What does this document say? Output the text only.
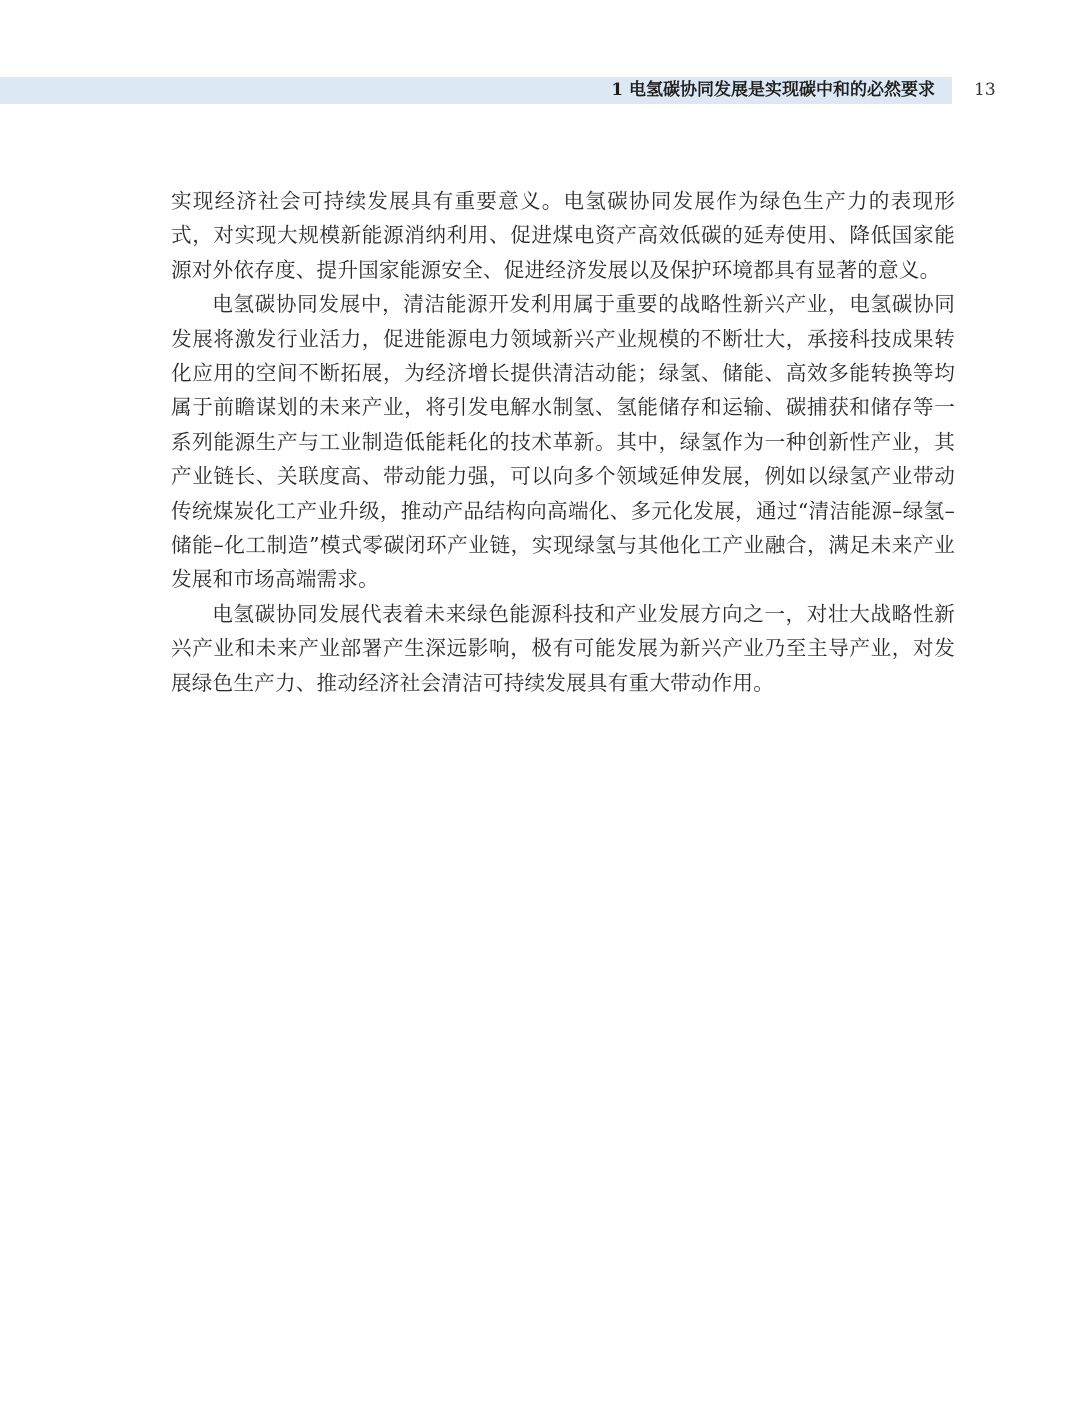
1 电氢碳协同发展是实现碳中和的必然要求 13

实现经济社会可持续发展具有重要意义。电氢碳协同发展作为绿色生产力的表现形式，对实现大规模新能源消纳利用、促进煤电资产高效低碳的延寿使用、降低国家能源对外依存度、提升国家能源安全、促进经济发展以及保护环境都具有显著的意义。

电氢碳协同发展中，清洁能源开发利用属于重要的战略性新兴产业，电氢碳协同发展将激发行业活力，促进能源电力领域新兴产业规模的不断壮大，承接科技成果转化应用的空间不断拓展，为经济增长提供清洁动能；绿氢、储能、高效多能转换等均属于前瞻谋划的未来产业，将引发电解水制氢、氢能储存和运输、碳捕获和储存等一系列能源生产与工业制造低能耗化的技术革新。其中，绿氢作为一种创新性产业，其产业链长、关联度高、带动能力强，可以向多个领域延伸发展，例如以绿氢产业带动传统煤炭化工产业升级，推动产品结构向高端化、多元化发展，通过“清洁能源–绿氢–储能–化工制造”模式零碳闭环产业链，实现绿氢与其他化工产业融合，满足未来产业发展和市场高端需求。

电氢碳协同发展代表着未来绿色能源科技和产业发展方向之一，对壮大战略性新兴产业和未来产业部署产生深远影响，极有可能发展为新兴产业乃至主导产业，对发展绿色生产力、推动经济社会清洁可持续发展具有重大带动作用。
